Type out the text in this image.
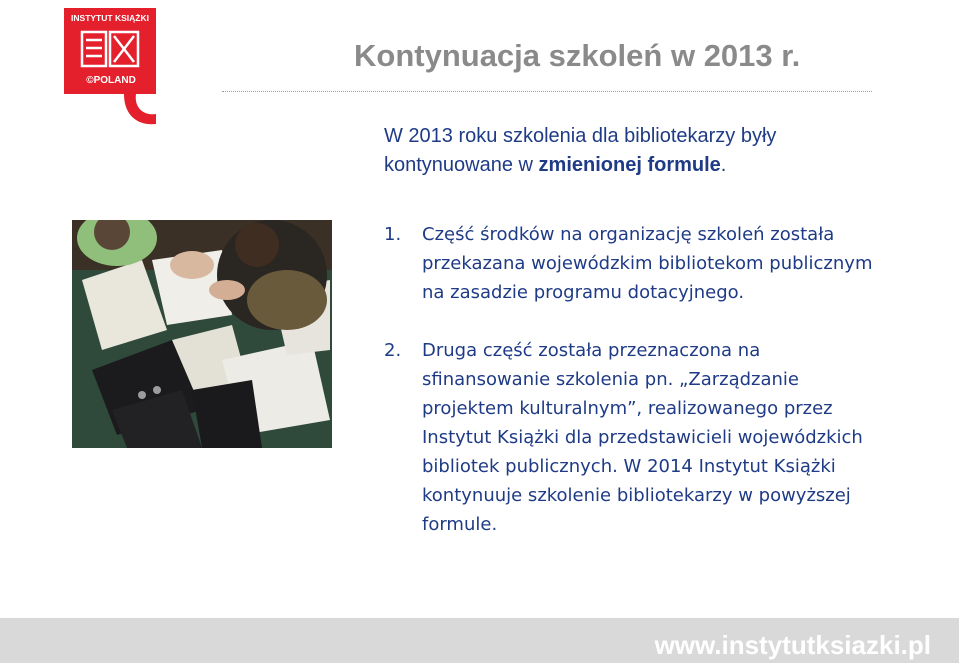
INSTYTUT KSIĄŻKI
©POLAND
Kontynuacja szkoleń w 2013 r.
W 2013 roku szkolenia dla bibliotekarzy były kontynuowane w zmienionej formule.
1. Część środków na organizację szkoleń została przekazana wojewódzkim bibliotekom publicznym na zasadzie programu dotacyjnego.
2. Druga część została przeznaczona na sfinansowanie szkolenia pn. „Zarządzanie projektem kulturalnym”, realizowanego przez Instytut Książki dla przedstawicieli wojewódzkich bibliotek publicznych. W 2014 Instytut Książki kontynuuje szkolenie bibliotekarzy w powyższej formule.
www.instytutksiazki.pl
